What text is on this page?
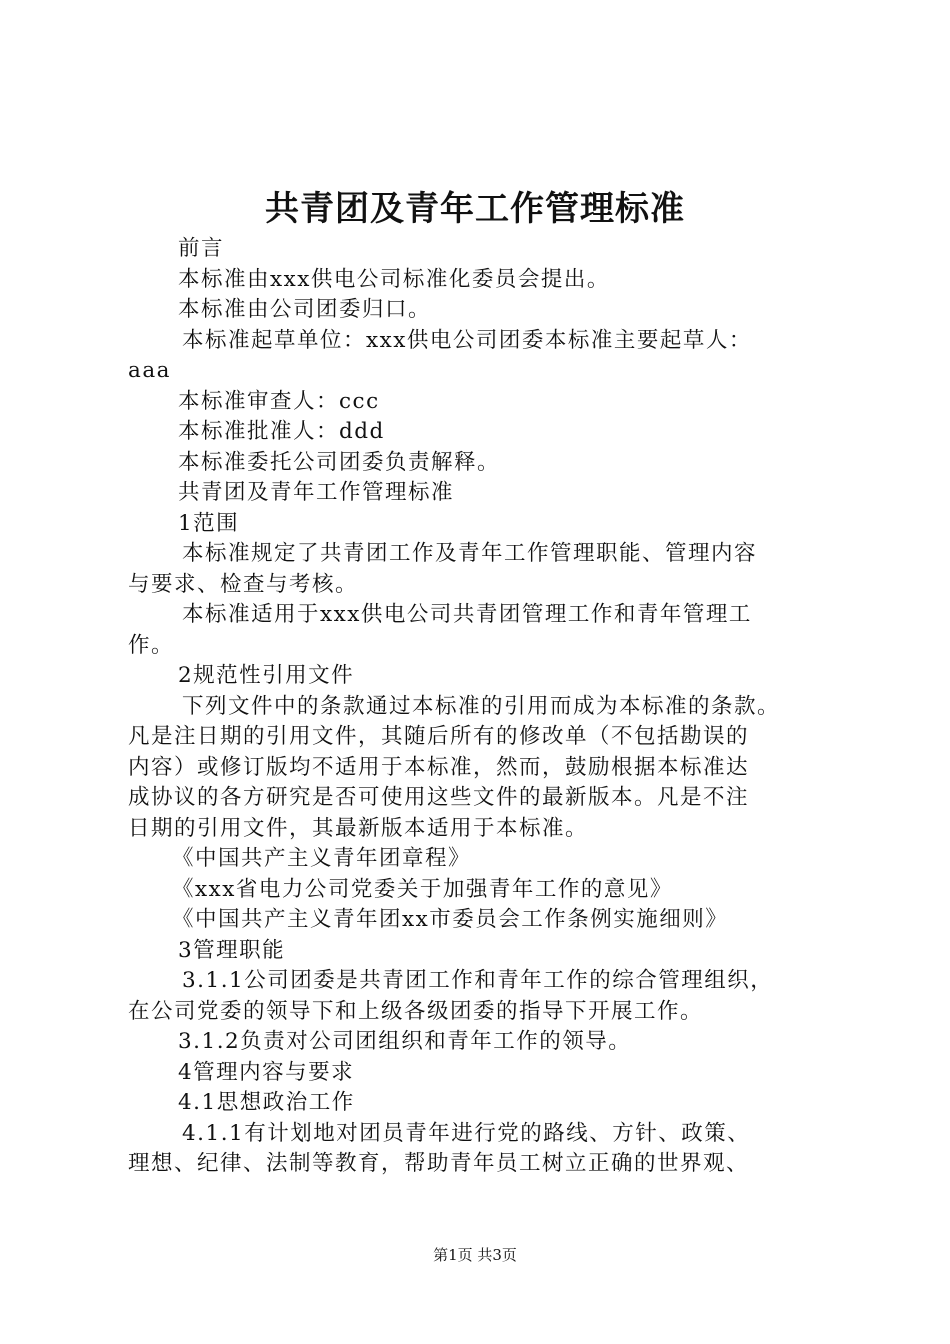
共青团及青年工作管理标准
前言
本标准由xxx供电公司标准化委员会提出。
本标准由公司团委归口。
本标准起草单位：xxx供电公司团委本标准主要起草人：
aaa
本标准审查人：ccc
本标准批准人：ddd
本标准委托公司团委负责解释。
共青团及青年工作管理标准
1范围
本标准规定了共青团工作及青年工作管理职能、管理内容
与要求、检查与考核。
本标准适用于xxx供电公司共青团管理工作和青年管理工
作。
2规范性引用文件
下列文件中的条款通过本标准的引用而成为本标准的条款。
凡是注日期的引用文件，其随后所有的修改单（不包括勘误的
内容）或修订版均不适用于本标准，然而，鼓励根据本标准达
成协议的各方研究是否可使用这些文件的最新版本。凡是不注
日期的引用文件，其最新版本适用于本标准。
《中国共产主义青年团章程》
《xxx省电力公司党委关于加强青年工作的意见》
《中国共产主义青年团xx市委员会工作条例实施细则》
3管理职能
3.1.1公司团委是共青团工作和青年工作的综合管理组织，
在公司党委的领导下和上级各级团委的指导下开展工作。
3.1.2负责对公司团组织和青年工作的领导。
4管理内容与要求
4.1思想政治工作
4.1.1有计划地对团员青年进行党的路线、方针、政策、
理想、纪律、法制等教育，帮助青年员工树立正确的世界观、
第1页 共3页
